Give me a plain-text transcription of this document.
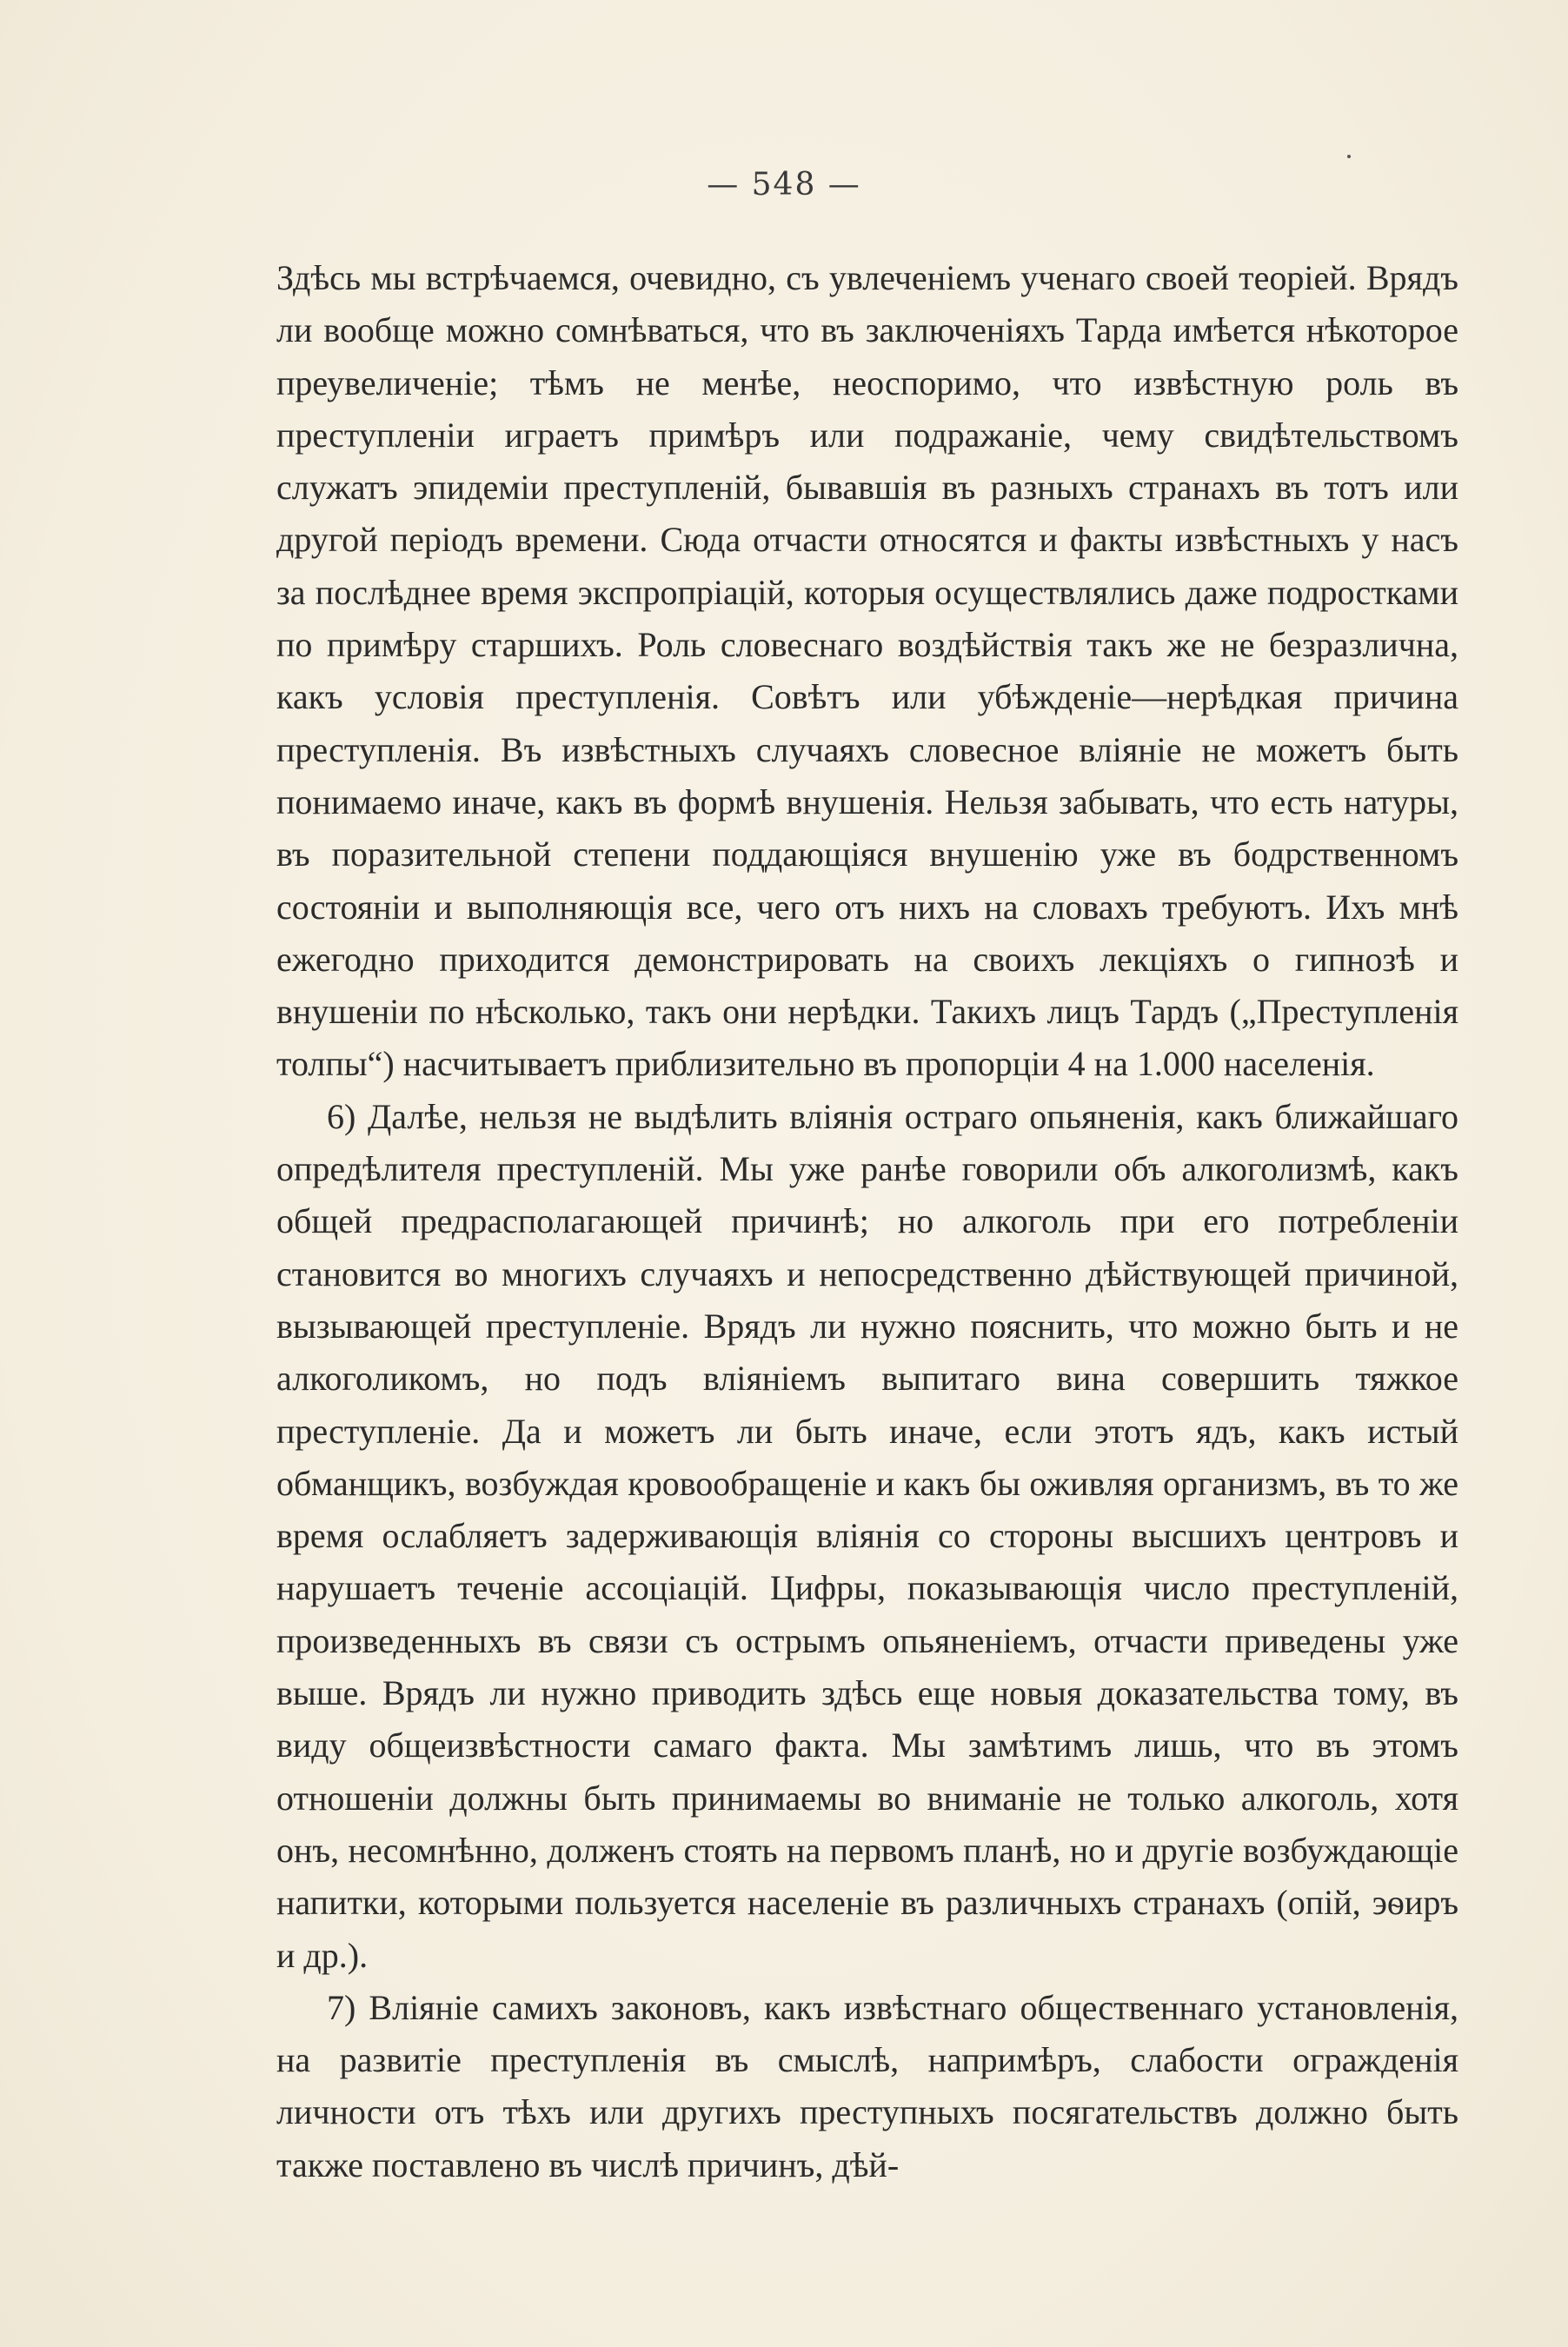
— 548 —

Здѣсь мы встрѣчаемся, очевидно, съ увлеченіемъ ученаго своей теоріей. Врядъ ли вообще можно сомнѣваться, что въ заключеніяхъ Тарда имѣется нѣкоторое преувеличеніе; тѣмъ не менѣе, неоспоримо, что извѣстную роль въ преступленіи играетъ примѣръ или подражаніе, чему свидѣтельствомъ служатъ эпидеміи преступленій, бывавшія въ разныхъ странахъ въ тотъ или другой періодъ времени. Сюда отчасти относятся и факты извѣстныхъ у насъ за послѣднее время экспропріацій, которыя осуществлялись даже подростками по примѣру старшихъ. Роль словеснаго воздѣйствія такъ же не безразлична, какъ условія преступленія. Совѣтъ или убѣжденіе—нерѣдкая причина преступленія. Въ извѣстныхъ случаяхъ словесное вліяніе не можетъ быть понимаемо иначе, какъ въ формѣ внушенія. Нельзя забывать, что есть натуры, въ поразительной степени поддающіяся внушенію уже въ бодрственномъ состояніи и выполняющія все, чего отъ нихъ на словахъ требуютъ. Ихъ мнѣ ежегодно приходится демонстрировать на своихъ лекціяхъ о гипнозѣ и внушеніи по нѣсколько, такъ они нерѣдки. Такихъ лицъ Тардъ („Преступленія толпы“) насчитываетъ приблизительно въ пропорціи 4 на 1.000 населенія.

6) Далѣе, нельзя не выдѣлить вліянія остраго опьяненія, какъ ближайшаго опредѣлителя преступленій. Мы уже ранѣе говорили объ алкоголизмѣ, какъ общей предрасполагающей причинѣ; но алкоголь при его потребленіи становится во многихъ случаяхъ и непосредственно дѣйствующей причиной, вызывающей преступленіе. Врядъ ли нужно пояснить, что можно быть и не алкоголикомъ, но подъ вліяніемъ выпитаго вина совершить тяжкое преступленіе. Да и можетъ ли быть иначе, если этотъ ядъ, какъ истый обманщикъ, возбуждая кровообращеніе и какъ бы оживляя организмъ, въ то же время ослабляетъ задерживающія вліянія со стороны высшихъ центровъ и нарушаетъ теченіе ассоціацій. Цифры, показывающія число преступленій, произведенныхъ въ связи съ острымъ опьяненіемъ, отчасти приведены уже выше. Врядъ ли нужно приводить здѣсь еще новыя доказательства тому, въ виду общеизвѣстности самаго факта. Мы замѣтимъ лишь, что въ этомъ отношеніи должны быть принимаемы во вниманіе не только алкоголь, хотя онъ, несомнѣнно, долженъ стоять на первомъ планѣ, но и другіе возбуждающіе напитки, которыми пользуется населеніе въ различныхъ странахъ (опій, эѳиръ и др.).

7) Вліяніе самихъ законовъ, какъ извѣстнаго общественнаго установленія, на развитіе преступленія въ смыслѣ, напримѣръ, слабости огражденія личности отъ тѣхъ или другихъ преступныхъ посягательствъ должно быть также поставлено въ числѣ причинъ, дѣй-
